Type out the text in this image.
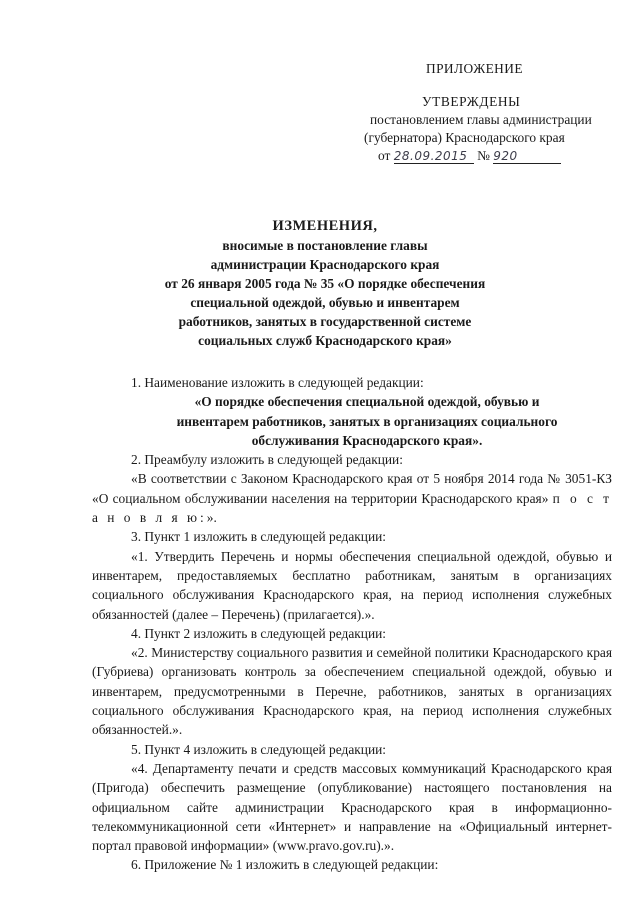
ПРИЛОЖЕНИЕ
УТВЕРЖДЕНЫ
постановлением главы администрации
(губернатора) Краснодарского края
от 28.09.2015 № 920
ИЗМЕНЕНИЯ,
вносимые в постановление главы
администрации Краснодарского края
от 26 января 2005 года № 35 «О порядке обеспечения
специальной одеждой, обувью и инвентарем
работников, занятых в государственной системе
социальных служб Краснодарского края»

1. Наименование изложить в следующей редакции:

«О порядке обеспечения специальной одеждой, обувью и

инвентарем работников, занятых в организациях социального

обслуживания Краснодарского края».

2. Преамбулу изложить в следующей редакции:

«В соответствии с Законом Краснодарского края от 5 ноября 2014 года № 3051-КЗ «О социальном обслуживании населения на территории Краснодарского края» п о с т а н о в л я ю:».

3. Пункт 1 изложить в следующей редакции:

«1. Утвердить Перечень и нормы обеспечения специальной одеждой, обувью и инвентарем, предоставляемых бесплатно работникам, занятым в организациях социального обслуживания Краснодарского края, на период исполнения служебных обязанностей (далее – Перечень) (прилагается).».

4. Пункт 2 изложить в следующей редакции:

«2. Министерству социального развития и семейной политики Краснодарского края (Губриева) организовать контроль за обеспечением специальной одеждой, обувью и инвентарем, предусмотренными в Перечне, работников, занятых в организациях социального обслуживания Краснодарского края, на период исполнения служебных обязанностей.».

5. Пункт 4 изложить в следующей редакции:

«4. Департаменту печати и средств массовых коммуникаций Краснодарского края (Пригода) обеспечить размещение (опубликование) настоящего постановления на официальном сайте администрации Краснодарского края в информационно-телекоммуникационной сети «Интернет» и направление на «Официальный интернет-портал правовой информации» (www.pravo.gov.ru).».

6. Приложение № 1 изложить в следующей редакции:
